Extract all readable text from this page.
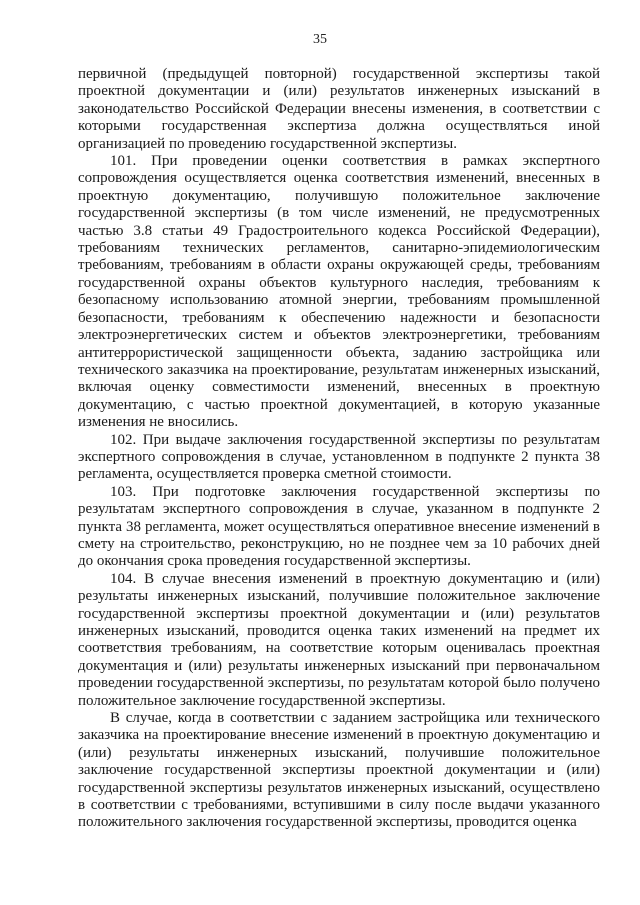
35

первичной (предыдущей повторной) государственной экспертизы такой проектной документации и (или) результатов инженерных изысканий в законодательство Российской Федерации внесены изменения, в соответствии с которыми государственная экспертиза должна осуществляться иной организацией по проведению государственной экспертизы.

101. При проведении оценки соответствия в рамках экспертного сопровождения осуществляется оценка соответствия изменений, внесенных в проектную документацию, получившую положительное заключение государственной экспертизы (в том числе изменений, не предусмотренных частью 3.8 статьи 49 Градостроительного кодекса Российской Федерации), требованиям технических регламентов, санитарно-эпидемиологическим требованиям, требованиям в области охраны окружающей среды, требованиям государственной охраны объектов культурного наследия, требованиям к безопасному использованию атомной энергии, требованиям промышленной безопасности, требованиям к обеспечению надежности и безопасности электроэнергетических систем и объектов электроэнергетики, требованиям антитеррористической защищенности объекта, заданию застройщика или технического заказчика на проектирование, результатам инженерных изысканий, включая оценку совместимости изменений, внесенных в проектную документацию, с частью проектной документацией, в которую указанные изменения не вносились.

102. При выдаче заключения государственной экспертизы по результатам экспертного сопровождения в случае, установленном в подпункте 2 пункта 38 регламента, осуществляется проверка сметной стоимости.

103. При подготовке заключения государственной экспертизы по результатам экспертного сопровождения в случае, указанном в подпункте 2 пункта 38 регламента, может осуществляться оперативное внесение изменений в смету на строительство, реконструкцию, но не позднее чем за 10 рабочих дней до окончания срока проведения государственной экспертизы.

104. В случае внесения изменений в проектную документацию и (или) результаты инженерных изысканий, получившие положительное заключение государственной экспертизы проектной документации и (или) результатов инженерных изысканий, проводится оценка таких изменений на предмет их соответствия требованиям, на соответствие которым оценивалась проектная документация и (или) результаты инженерных изысканий при первоначальном проведении государственной экспертизы, по результатам которой было получено положительное заключение государственной экспертизы.

В случае, когда в соответствии с заданием застройщика или технического заказчика на проектирование внесение изменений в проектную документацию и (или) результаты инженерных изысканий, получившие положительное заключение государственной экспертизы проектной документации и (или) государственной экспертизы результатов инженерных изысканий, осуществлено в соответствии с требованиями, вступившими в силу после выдачи указанного положительного заключения государственной экспертизы, проводится оценка
